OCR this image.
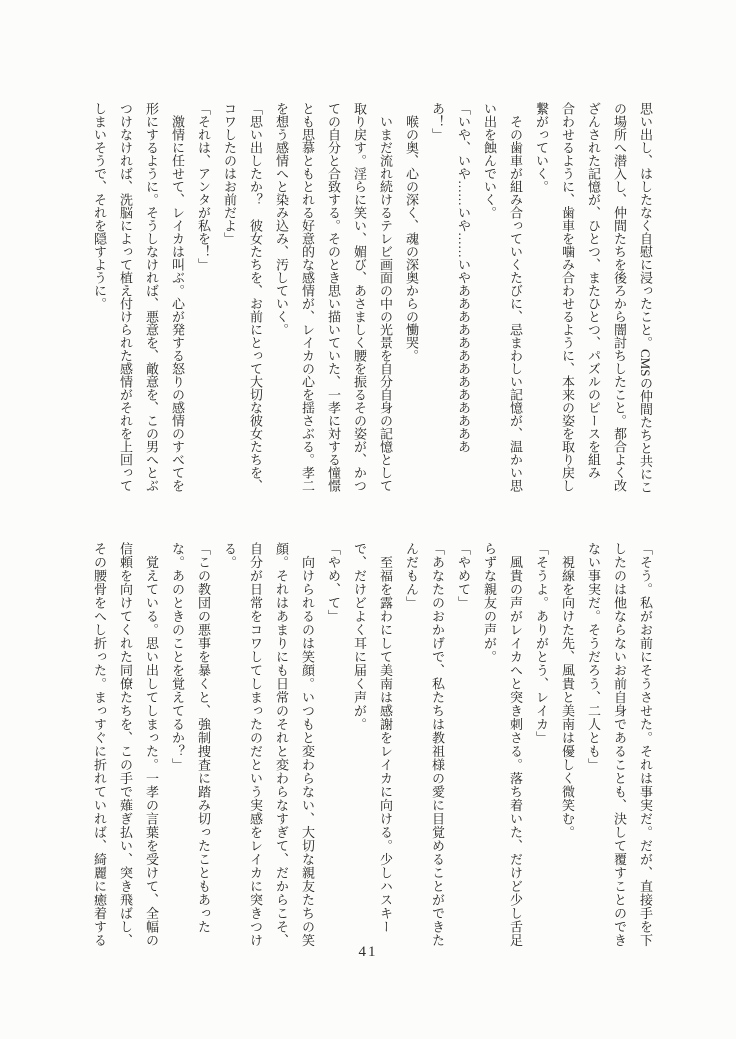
思い出し、はしたなく自慰に浸ったこと。CMSの仲間たちと共にこ
の場所へ潜入し、仲間たちを後ろから闇討ちしたこと。都合よく改
ざんされた記憶が、ひとつ、またひとつ、パズルのピースを組み
合わせるように、歯車を噛み合わせるように、本来の姿を取り戻し
繋がっていく。
　その歯車が組み合っていくたびに、忌まわしい記憶が、温かい思
い出を蝕んでいく。
「いや、いや……いや……いやあああああああああああああ
あ！」
　喉の奥、心の深く、魂の深奥からの慟哭。
　いまだ流れ続けるテレビ画面の中の光景を自分自身の記憶として
取り戻す。淫らに笑い、媚び、あさましく腰を振るその姿が、かつ
ての自分と合致する。そのとき思い描いていた、一孝に対する憧憬
とも思慕ともとれる好意的な感情が、レイカの心を揺さぶる。孝二
を想う感情へと染み込み、汚していく。
「思い出したか？　彼女たちを、お前にとって大切な彼女たちを、
コワしたのはお前だよ」
「それは、アンタが私を！」
　激情に任せて、レイカは叫ぶ。心が発する怒りの感情のすべてを
形にするように。そうしなければ、悪意を、敵意を、この男へとぶ
つけなければ、洗脳によって植え付けられた感情がそれを上回って
しまいそうで、それを隠すように。
「そう。私がお前にそうさせた。それは事実だ。だが、直接手を下
したのは他ならないお前自身であることも、決して覆すことのでき
ない事実だ。そうだろう、二人とも」
　視線を向けた先、風貴と美南は優しく微笑む。
「そうよ。ありがとう、レイカ」
　風貴の声がレイカへと突き刺さる。落ち着いた、だけど少し舌足
らずな親友の声が。
「やめて」
「あなたのおかげで、私たちは教祖様の愛に目覚めることができた
んだもん」
　至福を露わにして美南は感謝をレイカに向ける。少しハスキー
で、だけどよく耳に届く声が。
「やめ、て」
　向けられるのは笑顔。いつもと変わらない、大切な親友たちの笑
顔。それはあまりにも日常のそれと変わらなすぎて、だからこそ、
自分が日常をコワしてしまったのだという実感をレイカに突きつけ
る。
「この教団の悪事を暴くと、強制捜査に踏み切ったこともあった
な。あのときのことを覚えてるか？」
　覚えている。思い出してしまった。一孝の言葉を受けて、全幅の
信頼を向けてくれた同僚たちを、この手で薙ぎ払い、突き飛ばし、
その腰骨をへし折った。まっすぐに折れていれば、綺麗に癒着する
41
